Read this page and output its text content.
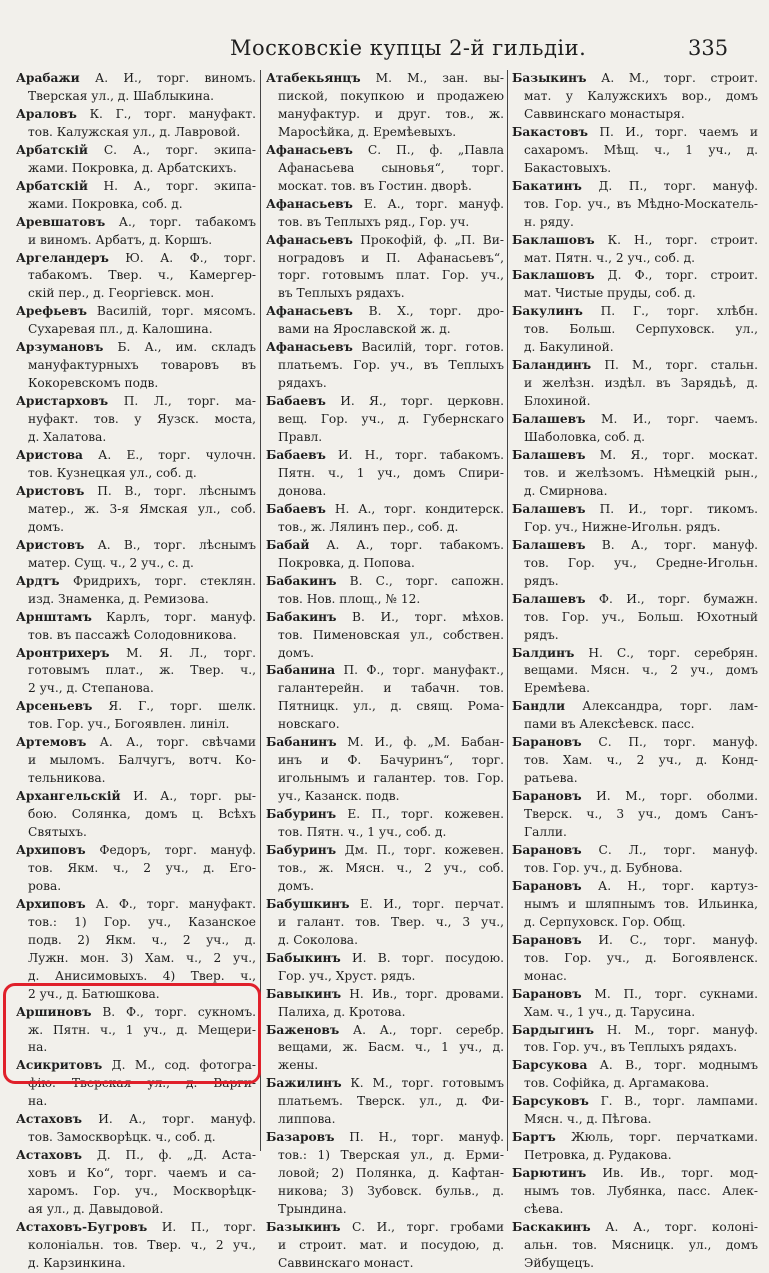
Московскіе купцы 2-й гильдіи.	335
Арабажи А. И., торг. виномъ.
Тверская ул., д. Шаблыкина.
Араловъ К. Г., торг. мануфакт.
тов. Калужская ул., д. Лавровой.
Арбатскій С. А., торг. экипа-
жами. Покровка, д. Арбатскихъ.
Арбатскій Н. А., торг. экипа-
жами. Покровка, соб. д.
Аревшатовъ А., торг. табакомъ
и виномъ. Арбатъ, д. Коршъ.
Аргеландеръ Ю. А. Ф., торг.
табакомъ. Твер. ч., Камергер-
скій пер., д. Георгіевск. мон.
Арефьевъ Василій, торг. мясомъ.
Сухаревая пл., д. Калошина.
Арзумановъ Б. А., им. складъ
мануфактурныхъ товаровъ въ
Кокоревскомъ подв.
Аристарховъ П. Л., торг. ма-
нуфакт. тов. у Яузск. моста,
д. Халатова.
Аристова А. Е., торг. чулочн.
тов. Кузнецкая ул., соб. д.
Аристовъ П. В., торг. лѣснымъ
матер., ж. 3-я Ямская ул., соб.
домъ.
Аристовъ А. В., торг. лѣснымъ
матер. Сущ. ч., 2 уч., с. д.
Ардтъ Фридрихъ, торг. стеклян.
изд. Знаменка, д. Ремизова.
Арнштамъ Карлъ, торг. мануф.
тов. въ пассажѣ Солодовникова.
Аронтрихеръ М. Я. Л., торг.
готовымъ плат., ж. Твер. ч.,
2 уч., д. Степанова.
Арсеньевъ Я. Г., торг. шелк.
тов. Гор. уч., Богоявлен. линіл.
Артемовъ А. А., торг. свѣчами
и мыломъ. Балчугъ, вотч. Ко-
тельникова.
Архангельскій И. А., торг. ры-
бою. Солянка, домъ ц. Всѣхъ
Святыхъ.
Архиповъ Федоръ, торг. мануф.
тов. Якм. ч., 2 уч., д. Его-
рова.
Архиповъ А. Ф., торг. мануфакт.
тов.: 1) Гор. уч., Казанское
подв. 2) Якм. ч., 2 уч., д.
Лужн. мон. 3) Хам. ч., 2 уч.,
д. Анисимовыхъ. 4) Твер. ч.,
2 уч., д. Батюшкова.
Аршиновъ В. Ф., торг. сукномъ.
ж. Пятн. ч., 1 уч., д. Мещери-
на.
Асикритовъ Д. М., сод. фотогра-
фію. Тверская ул., д. Варги-
на.
Астаховъ И. А., торг. мануф.
тов. Замоскворѣцк. ч., соб. д.
Астаховъ Д. П., ф. „Д. Аста-
ховъ и Ко“, торг. чаемъ и са-
харомъ. Гор. уч., Москворѣцк-
ая ул., д. Давыдовой.
Астаховъ-Бугровъ И. П., торг.
колоніальн. тов. Твер. ч., 2 уч.,
д. Карзинкина.
Атабекьянцъ М. М., зан. вы-
пиской, покупкою и продажею
мануфактур. и друг. тов., ж.
Маросѣйка, д. Еремѣевыхъ.
Афанасьевъ С. П., ф. „Павла
Афанасьева сыновья“, торг.
москат. тов. въ Гостин. дворѣ.
Афанасьевъ Е. А., торг. мануф.
тов. въ Теплыхъ ряд., Гор. уч.
Афанасьевъ Прокофій, ф. „П. Ви-
ноградовъ и П. Афанасьевъ“,
торг. готовымъ плат. Гор. уч.,
въ Теплыхъ рядахъ.
Афанасьевъ В. Х., торг. дро-
вами на Ярославской ж. д.
Афанасьевъ Василій, торг. готов.
платьемъ. Гор. уч., въ Теплыхъ
рядахъ.
Бабаевъ И. Я., торг. церковн.
вещ. Гор. уч., д. Губернскаго
Правл.
Бабаевъ И. Н., торг. табакомъ.
Пятн. ч., 1 уч., домъ Спири-
донова.
Бабаевъ Н. А., торг. кондитерск.
тов., ж. Лялинъ пер., соб. д.
Бабай А. А., торг. табакомъ.
Покровка, д. Попова.
Бабакинъ В. С., торг. сапожн.
тов. Нов. площ., № 12.
Бабакинъ В. И., торг. мѣхов.
тов. Пименовская ул., собствен.
домъ.
Бабанина П. Ф., торг. мануфакт.,
галантерейн. и табачн. тов.
Пятницк. ул., д. свящ. Рома-
новскаго.
Бабанинъ М. И., ф. „М. Бабан-
инъ и Ф. Бачуринъ“, торг.
игольнымъ и галантер. тов. Гор.
уч., Казанск. подв.
Бабуринъ Е. П., торг. кожевен.
тов. Пятн. ч., 1 уч., соб. д.
Бабуринъ Дм. П., торг. кожевен.
тов., ж. Мясн. ч., 2 уч., соб.
домъ.
Бабушкинъ Е. И., торг. перчат.
и галант. тов. Твер. ч., 3 уч.,
д. Соколова.
Бабыкинъ И. В. торг. посудою.
Гор. уч., Хруст. рядъ.
Бавыкинъ Н. Ив., торг. дровами.
Палиха, д. Кротова.
Баженовъ А. А., торг. серебр.
вещами, ж. Басм. ч., 1 уч., д.
жены.
Бажилинъ К. М., торг. готовымъ
платьемъ. Тверск. ул., д. Фи-
липпова.
Базаровъ П. Н., торг. мануф.
тов.: 1) Тверская ул., д. Ерми-
ловой; 2) Полянка, д. Кафтан-
никова; 3) Зубовск. бульв., д.
Трындина.
Базыкинъ С. И., торг. гробами
и строит. мат. и посудою, д.
Саввинскаго монаст.
Базыкинъ А. М., торг. строит.
мат. у Калужскихъ вор., домъ
Саввинскаго монастыря.
Бакастовъ П. И., торг. чаемъ и
сахаромъ. Мѣщ. ч., 1 уч., д.
Бакастовыхъ.
Бакатинъ Д. П., торг. мануф.
тов. Гор. уч., въ Мѣдно-Москатель-
н. ряду.
Баклашовъ К. Н., торг. строит.
мат. Пятн. ч., 2 уч., соб. д.
Баклашовъ Д. Ф., торг. строит.
мат. Чистые пруды, соб. д.
Бакулинъ П. Г., торг. хлѣбн.
тов. Больш. Серпуховск. ул.,
д. Бакулиной.
Баландинъ П. М., торг. стальн.
и желѣзн. издѣл. въ Зарядьѣ, д.
Блохиной.
Балашевъ М. И., торг. чаемъ.
Шаболовка, соб. д.
Балашевъ М. Я., торг. москат.
тов. и желѣзомъ. Нѣмецкій рын.,
д. Смирнова.
Балашевъ П. И., торг. тикомъ.
Гор. уч., Нижне-Игольн. рядъ.
Балашевъ В. А., торг. мануф.
тов. Гор. уч., Средне-Игольн.
рядъ.
Балашевъ Ф. И., торг. бумажн.
тов. Гор. уч., Больш. Юхотный
рядъ.
Балдинъ Н. С., торг. серебрян.
вещами. Мясн. ч., 2 уч., домъ
Еремѣева.
Бандли Александра, торг. лам-
пами въ Алексѣевск. пасс.
Барановъ С. П., торг. мануф.
тов. Хам. ч., 2 уч., д. Конд-
ратьева.
Барановъ И. М., торг. оболми.
Тверск. ч., 3 уч., домъ Санъ-
Галли.
Барановъ С. Л., торг. мануф.
тов. Гор. уч., д. Бубнова.
Барановъ А. Н., торг. картуз-
нымъ и шляпнымъ тов. Ильинка,
д. Серпуховск. Гор. Общ.
Барановъ И. С., торг. мануф.
тов. Гор. уч., д. Богоявленск.
монас.
Барановъ М. П., торг. сукнами.
Хам. ч., 1 уч., д. Тарусина.
Бардыгинъ Н. М., торг. мануф.
тов. Гор. уч., въ Теплыхъ рядахъ.
Барсукова А. В., торг. моднымъ
тов. Софійка, д. Аргамакова.
Барсуковъ Г. В., торг. лампами.
Мясн. ч., д. Пѣгова.
Бартъ Жюль, торг. перчатками.
Петровка, д. Рудакова.
Барютинъ Ив. Ив., торг. мод-
нымъ тов. Лубянка, пасс. Алек-
сѣева.
Баскакинъ А. А., торг. колоні-
альн. тов. Мясницк. ул., домъ
Эйбущецъ.
